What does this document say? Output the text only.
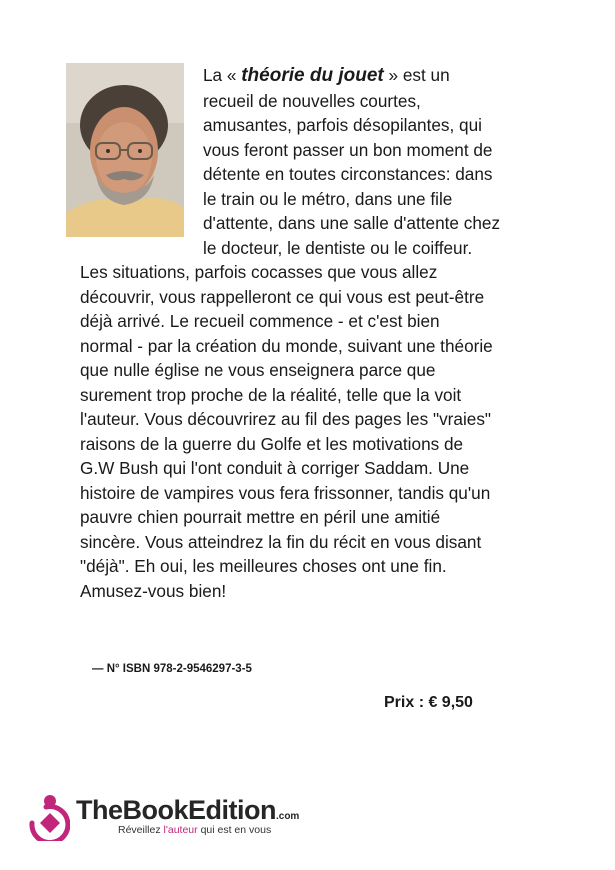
La « théorie du jouet » est un
recueil de nouvelles courtes,
amusantes, parfois désopilantes, qui
vous feront passer un bon moment de
détente en toutes circonstances: dans
le train ou le métro, dans une file
d'attente, dans une salle d'attente chez
le docteur, le dentiste ou le coiffeur.
Les situations, parfois cocasses que vous allez
découvrir, vous rappelleront ce qui vous est peut-être
déjà arrivé. Le recueil commence - et c'est bien
normal - par la création du monde, suivant une théorie
que nulle église ne vous enseignera parce que
surement trop proche de la réalité, telle que la voit
l'auteur. Vous découvrirez au fil des pages les "vraies"
raisons de la guerre du Golfe et les motivations de
G.W Bush qui l'ont conduit à corriger Saddam. Une
histoire de vampires vous fera frissonner, tandis qu'un
pauvre chien pourrait mettre en péril une amitié
sincère. Vous atteindrez la fin du récit en vous disant
"déjà". Eh oui, les meilleures choses ont une fin.
Amusez-vous bien!
— N° ISBN 978-2-9546297-3-5
Prix : € 9,50
TheBookEdition.com
Réveillez l'auteur qui est en vous
